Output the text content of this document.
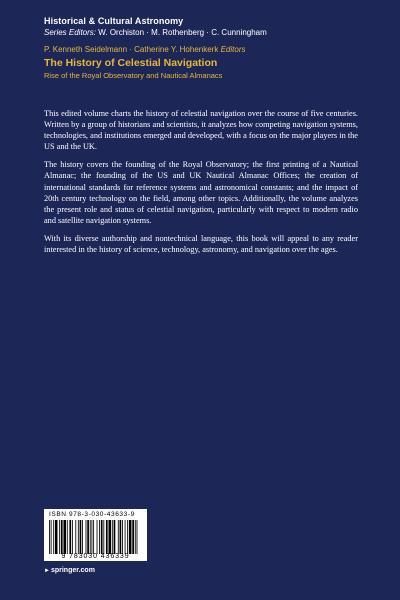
Historical & Cultural Astronomy
Series Editors: W. Orchiston · M. Rothenberg · C. Cunningham
P. Kenneth Seidelmann · Catherine Y. Hohenkerk Editors
The History of Celestial Navigation
Rise of the Royal Observatory and Nautical Almanacs

This edited volume charts the history of celestial navigation over the course of five centuries. Written by a group of historians and scientists, it analyzes how competing navigation systems, technologies, and institutions emerged and developed, with a focus on the major players in the US and the UK.

The history covers the founding of the Royal Observatory; the first printing of a Nautical Almanac; the founding of the US and UK Nautical Almanac Offices; the creation of international standards for reference systems and astronomical constants; and the impact of 20th century technology on the field, among other topics. Additionally, the volume analyzes the present role and status of celestial navigation, particularly with respect to modern radio and satellite navigation systems.

With its diverse authorship and nontechnical language, this book will appeal to any reader interested in the history of science, technology, astronomy, and navigation over the ages.

ISBN 978-3-030-43633-9
9 783030 436339
►springer.com
